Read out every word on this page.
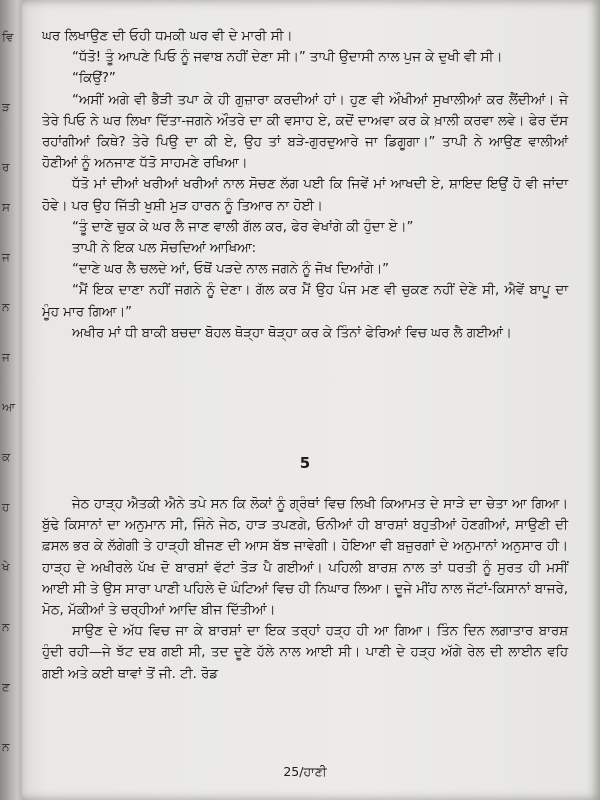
ਵਿ
ੜ
ਰ
ਸ
ਜ
ਨ
ਜ
ਆ
ਕ
ਹ
ਖੇ
ਨ
ਣ
ਨ

ਘਰ ਲਿਖਾਉਣ ਦੀ ਓਹੀ ਧਮਕੀ ਘਰ ਵੀ ਦੇ ਮਾਰੀ ਸੀ।

“ਧੱਤੋ! ਤੂੰ ਆਪਣੇ ਪਿਓ ਨੂੰ ਜਵਾਬ ਨਹੀਂ ਦੇਣਾ ਸੀ।” ਤਾਪੀ ਉਦਾਸੀ ਨਾਲ ਪੁਜ ਕੇ ਦੁਖੀ ਵੀ ਸੀ।

“ਕਿਉਂ?”

“ਅਸੀਂ ਅਗੇ ਵੀ ਭੈੜੀ ਤਪਾ ਕੇ ਹੀ ਗੁਜ਼ਾਰਾ ਕਰਦੀਆਂ ਹਾਂ। ਹੁਣ ਵੀ ਔਖੀਆਂ ਸੁਖਾਲੀਆਂ ਕਰ ਲੈਂਦੀਆਂ। ਜੇ ਤੇਰੇ ਪਿਓ ਨੇ ਘਰ ਲਿਖਾ ਦਿੱਤਾ-ਜਗਨੇ ਔਤਰੇ ਦਾ ਕੀ ਵਸਾਹ ਏ, ਕਦੋਂ ਦਾਅਵਾ ਕਰ ਕੇ ਖ਼ਾਲੀ ਕਰਵਾ ਲਵੇ। ਫੇਰ ਦੱਸ ਰਹਾਂਗੀਆਂ ਕਿਥੇ? ਤੇਰੇ ਪਿਉ ਦਾ ਕੀ ਏ, ਉਹ ਤਾਂ ਬੜੇ-ਗੁਰਦੁਆਰੇ ਜਾ ਡਿਗੂਗਾ।” ਤਾਪੀ ਨੇ ਆਉਣ ਵਾਲੀਆਂ ਹੋਣੀਆਂ ਨੂੰ ਅਨਜਾਣ ਧੱਤੋ ਸਾਹਮਣੇ ਰਖਿਆ।

ਧੱਤੋ ਮਾਂ ਦੀਆਂ ਖਰੀਆਂ ਖਰੀਆਂ ਨਾਲ ਸੋਚਣ ਲੱਗ ਪਈ ਕਿ ਜਿਵੇਂ ਮਾਂ ਆਖਦੀ ਏ, ਸ਼ਾਇਦ ਇਉਂ ਹੋ ਵੀ ਜਾਂਦਾ ਹੋਵੇ। ਪਰ ਉਹ ਜਿੱਤੀ ਖੁਸ਼ੀ ਮੁੜ ਹਾਰਨ ਨੂੰ ਤਿਆਰ ਨਾ ਹੋਈ।

“ਤੂੰ ਦਾਣੇ ਚੁਕ ਕੇ ਘਰ ਲੈ ਜਾਣ ਵਾਲੀ ਗੱਲ ਕਰ, ਫੇਰ ਵੇਖਾਂਗੇ ਕੀ ਹੁੰਦਾ ਏ।”

ਤਾਪੀ ਨੇ ਇਕ ਪਲ ਸੋਚਦਿਆਂ ਆਖਿਆ:

“ਦਾਣੇ ਘਰ ਲੈ ਚਲਦੇ ਆਂ, ਓਥੋਂ ਪੜਦੇ ਨਾਲ ਜਗਨੇ ਨੂੰ ਜੋਖ ਦਿਆਂਗੇ।”

“ਮੈਂ ਇਕ ਦਾਣਾ ਨਹੀਂ ਜਗਨੇ ਨੂੰ ਦੇਣਾ। ਗੱਲ ਕਰ ਮੈਂ ਉਹ ਪੰਜ ਮਣ ਵੀ ਚੁਕਣ ਨਹੀਂ ਦੇਣੇ ਸੀ, ਐਵੇਂ ਬਾਪੂ ਦਾ ਮੂੰਹ ਮਾਰ ਗਿਆ।”

ਅਖੀਰ ਮਾਂ ਧੀ ਬਾਕੀ ਬਚਦਾ ਬੋਹਲ ਥੋੜ੍ਹਾ ਥੋੜ੍ਹਾ ਕਰ ਕੇ ਤਿੰਨਾਂ ਫੇਰਿਆਂ ਵਿਚ ਘਰ ਲੈ ਗਈਆਂ।

5

ਜੇਠ ਹਾੜ੍ਹ ਐਤਕੀ ਐਨੇ ਤਪੇ ਸਨ ਕਿ ਲੋਕਾਂ ਨੂੰ ਗ੍ਰੰਥਾਂ ਵਿਚ ਲਿਖੀ ਕਿਆਮਤ ਦੇ ਸਾੜੇ ਦਾ ਚੇਤਾ ਆ ਗਿਆ। ਬੁੱਢੇ ਕਿਸਾਨਾਂ ਦਾ ਅਨੁਮਾਨ ਸੀ, ਜਿੰਨੇ ਜੇਠ, ਹਾੜ ਤਪਣਗੇ, ਓਨੀਆਂ ਹੀ ਬਾਰਸ਼ਾਂ ਬਹੁਤੀਆਂ ਹੋਣਗੀਆਂ, ਸਾਉਣੀ ਦੀ ਫ਼ਸਲ ਭਰ ਕੇ ਲੱਗੇਗੀ ਤੇ ਹਾੜ੍ਹੀ ਬੀਜਣ ਦੀ ਆਸ ਬੱਝ ਜਾਵੇਗੀ। ਹੋਇਆ ਵੀ ਬਜ਼ੁਰਗਾਂ ਦੇ ਅਨੁਮਾਨਾਂ ਅਨੁਸਾਰ ਹੀ। ਹਾੜ੍ਹ ਦੇ ਅਖੀਰਲੇ ਪੱਖ ਦੋ ਬਾਰਸ਼ਾਂ ਵੱਟਾਂ ਤੋੜ ਪੈ ਗਈਆਂ। ਪਹਿਲੀ ਬਾਰਸ਼ ਨਾਲ ਤਾਂ ਧਰਤੀ ਨੂੰ ਸੁਰਤ ਹੀ ਮਸੀਂ ਆਈ ਸੀ ਤੇ ਉਸ ਸਾਰਾ ਪਾਣੀ ਪਹਿਲੇ ਦੋ ਘੰਟਿਆਂ ਵਿਚ ਹੀ ਨਿਘਾਰ ਲਿਆ। ਦੂਜੇ ਮੀਂਹ ਨਾਲ ਜੱਟਾਂ-ਕਿਸਾਨਾਂ ਬਾਜਰੇ, ਮੋਠ, ਮੱਕੀਆਂ ਤੇ ਚਰ੍ਹੀਆਂ ਆਦਿ ਬੀਜ ਦਿੱਤੀਆਂ।

ਸਾਉਣ ਦੇ ਅੱਧ ਵਿਚ ਜਾ ਕੇ ਬਾਰਸ਼ਾਂ ਦਾ ਇਕ ਤਰ੍ਹਾਂ ਹੜ੍ਹ ਹੀ ਆ ਗਿਆ। ਤਿੰਨ ਦਿਨ ਲਗਾਤਾਰ ਬਾਰਸ਼ ਹੁੰਦੀ ਰਹੀ—ਜੇ ਝੱਟ ਦਬ ਗਈ ਸੀ, ਤਦ ਦੂਣੇ ਹੱਲੇ ਨਾਲ ਆਈ ਸੀ। ਪਾਣੀ ਦੇ ਹੜ੍ਹ ਅੱਗੇ ਰੇਲ ਦੀ ਲਾਈਨ ਵਹਿ ਗਈ ਅਤੇ ਕਈ ਥਾਵਾਂ ਤੋਂ ਜੀ. ਟੀ. ਰੋਡ

25/ਹਾਣੀ
